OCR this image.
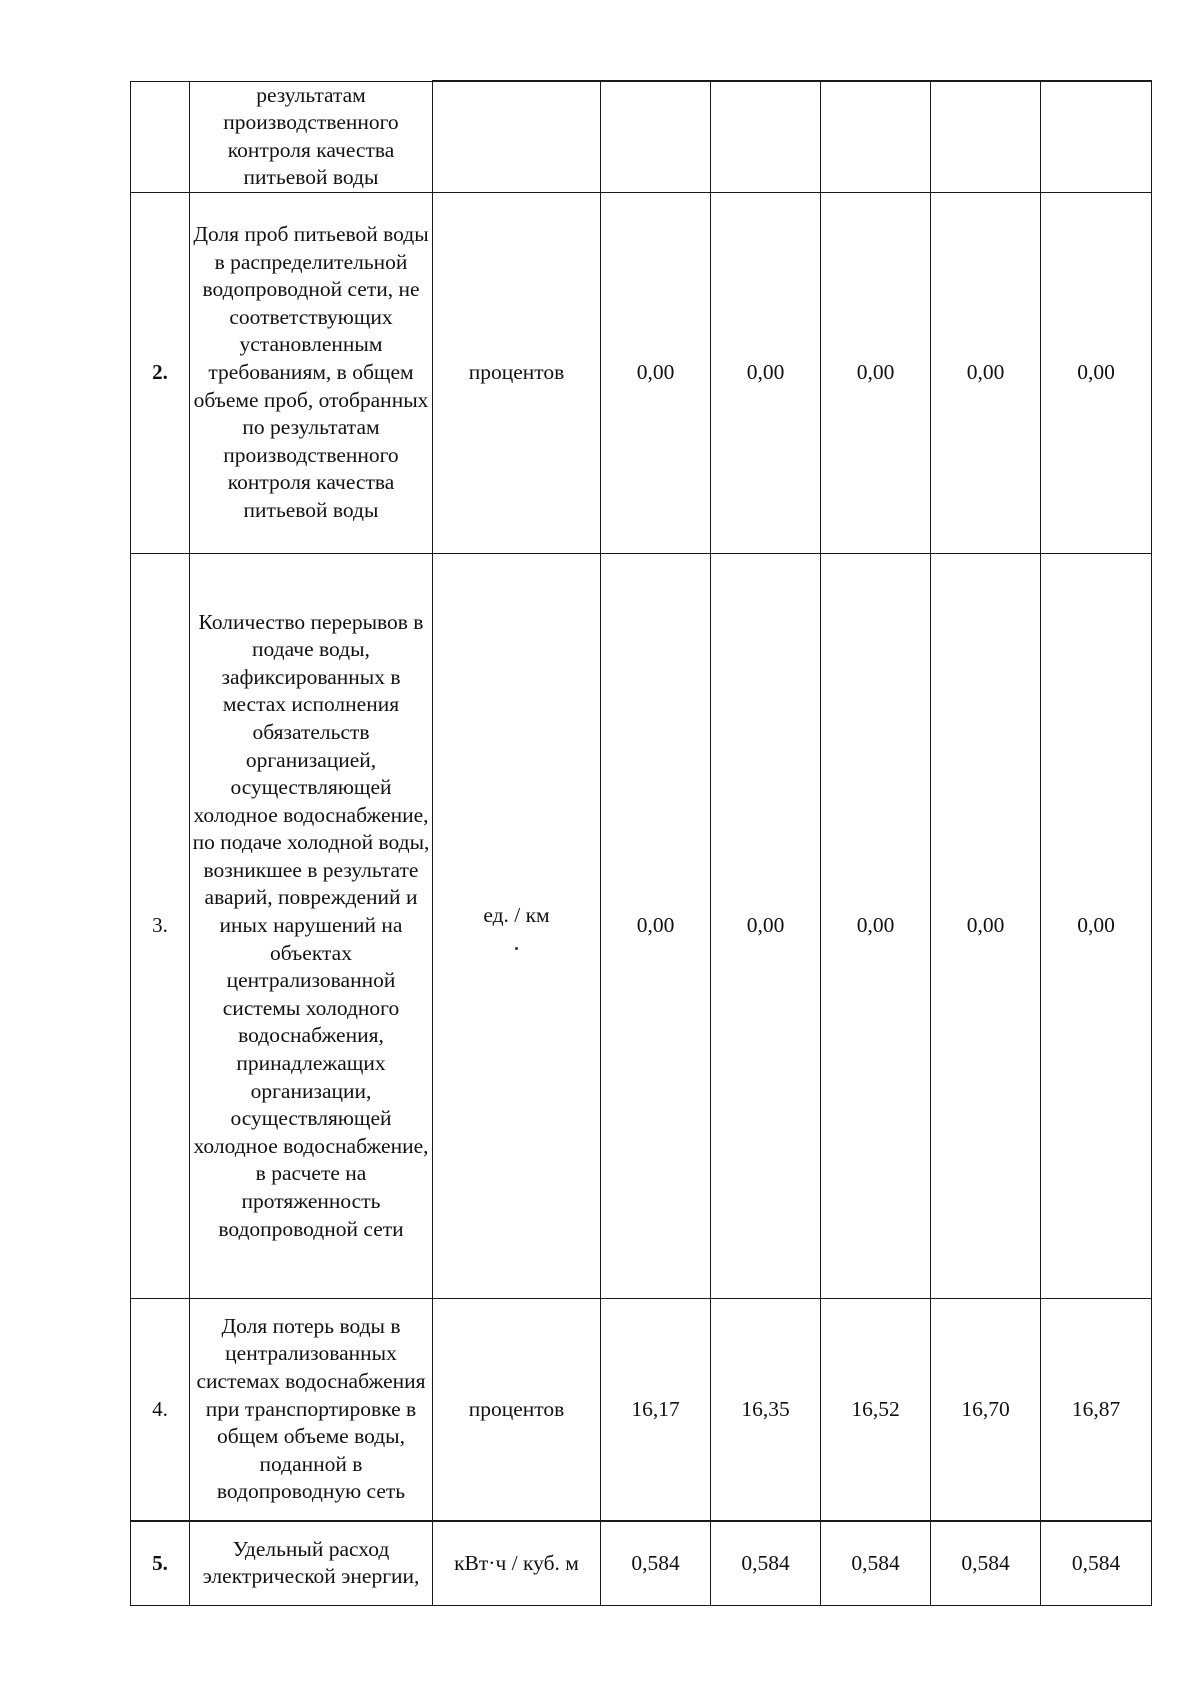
	результатам производственного контроля качества питьевой воды						
2.	Доля проб питьевой воды в распределительной водопроводной сети, не соответствующих установленным требованиям, в общем объеме проб, отобранных по результатам производственного контроля качества питьевой воды	процентов	0,00	0,00	0,00	0,00	0,00
3.	Количество перерывов в подаче воды, зафиксированных в местах исполнения обязательств организацией, осуществляющей холодное водоснабжение, по подаче холодной воды, возникшее в результате аварий, повреждений и иных нарушений на объектах централизованной системы холодного водоснабжения, принадлежащих организации, осуществляющей холодное водоснабжение, в расчете на протяженность водопроводной сети	ед. / км	0,00	0,00	0,00	0,00	0,00
4.	Доля потерь воды в централизованных системах водоснабжения при транспортировке в общем объеме воды, поданной в водопроводную сеть	процентов	16,17	16,35	16,52	16,70	16,87
5.	Удельный расход электрической энергии,	кВт·ч / куб. м	0,584	0,584	0,584	0,584	0,584
